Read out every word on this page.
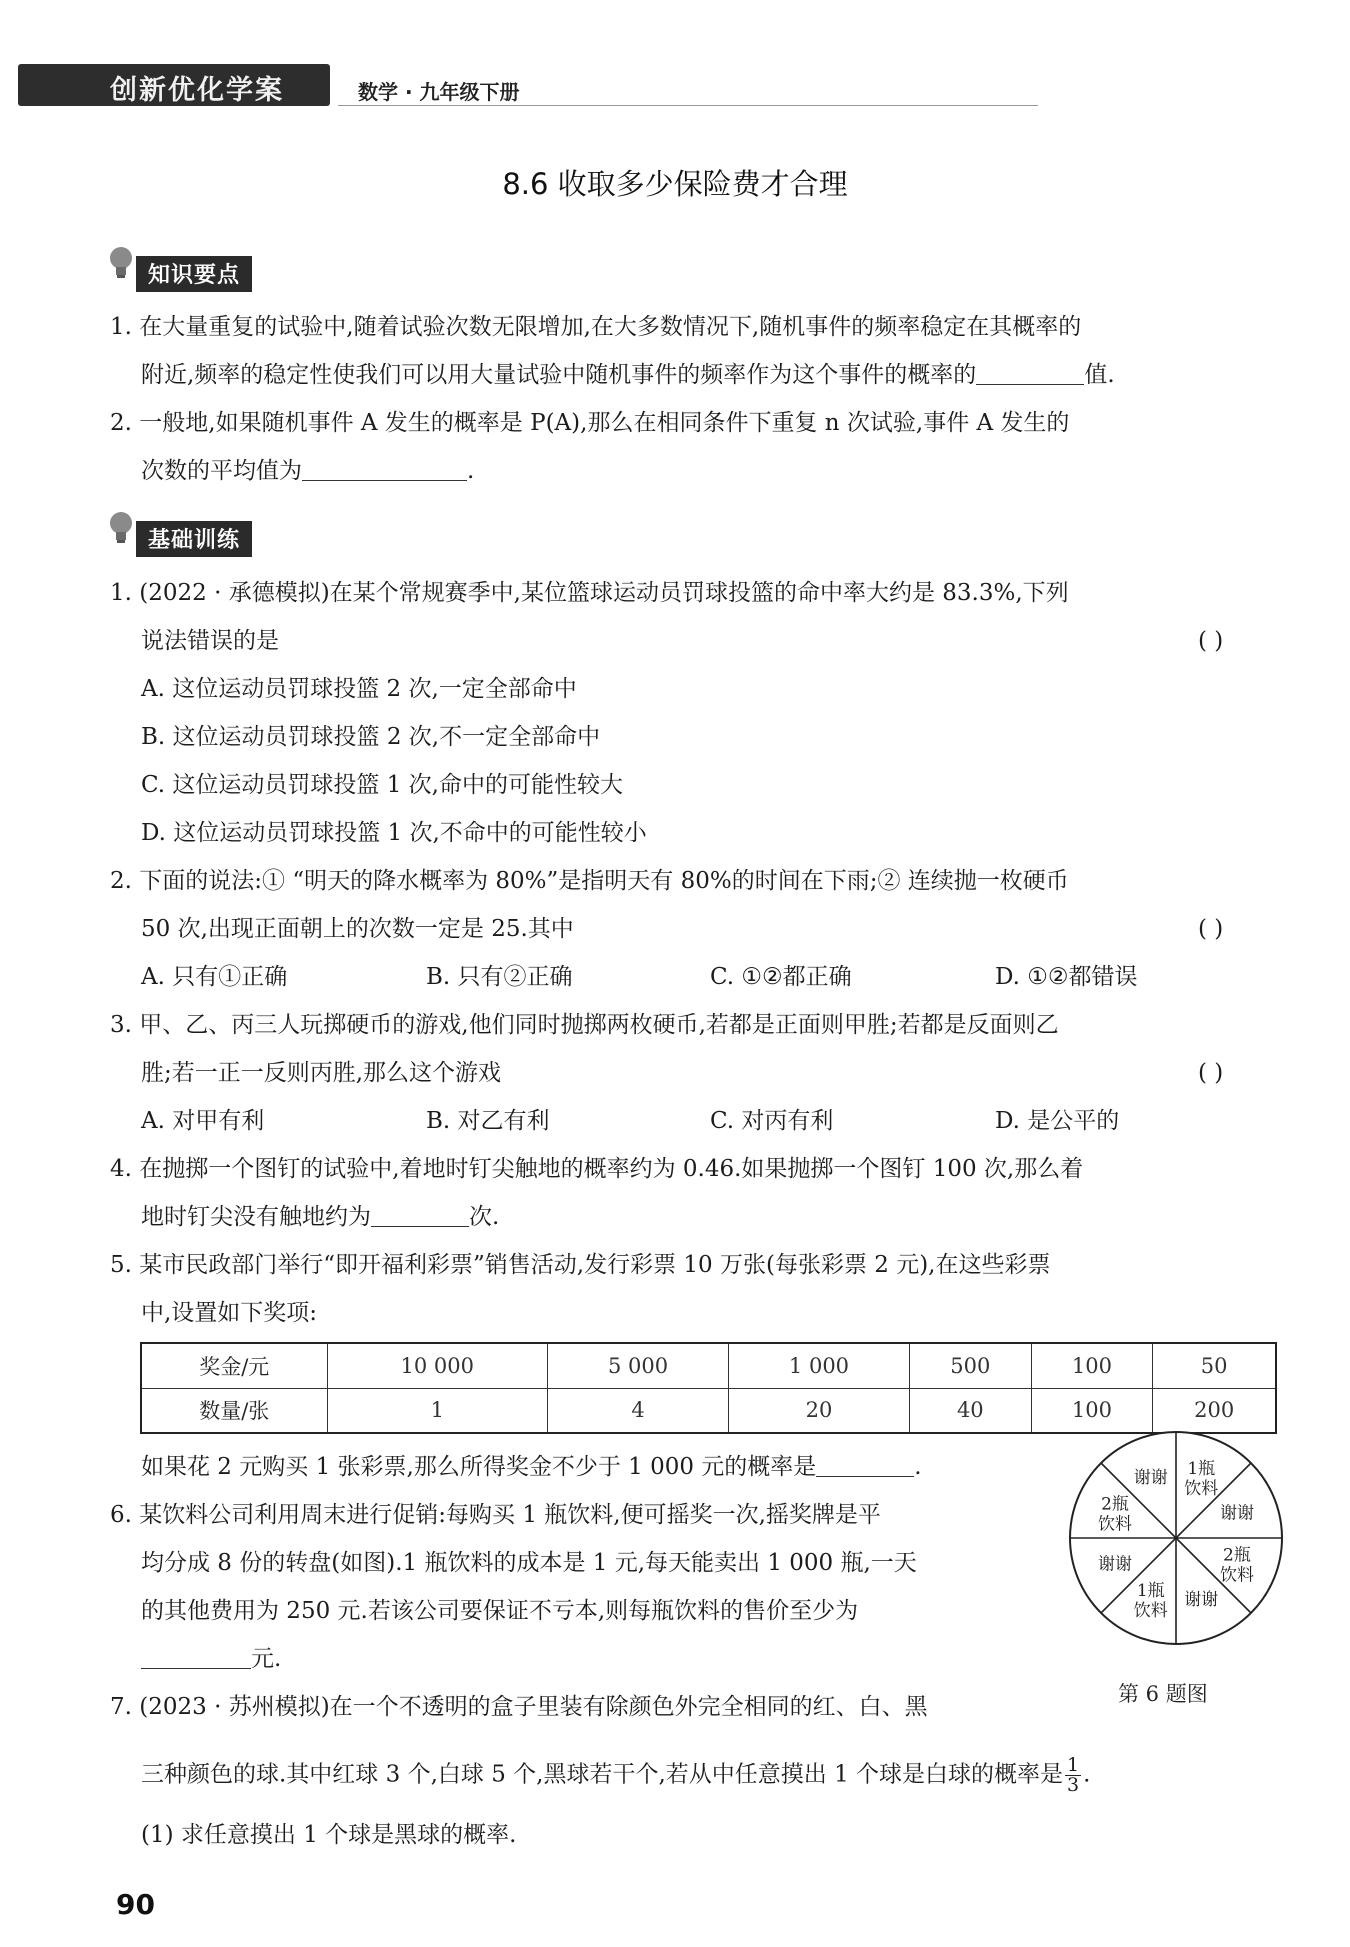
创新优化学案	数学 · 九年级下册
8.6 收取多少保险费才合理
知识要点
1. 在大量重复的试验中,随着试验次数无限增加,在大多数情况下,随机事件的频率稳定在其概率的
附近,频率的稳定性使我们可以用大量试验中随机事件的频率作为这个事件的概率的	值.
2. 一般地,如果随机事件 A 发生的概率是 P(A),那么在相同条件下重复 n 次试验,事件 A 发生的
次数的平均值为	.
基础训练
1. (2022 · 承德模拟)在某个常规赛季中,某位篮球运动员罚球投篮的命中率大约是 83.3%,下列
说法错误的是	( )
A. 这位运动员罚球投篮 2 次,一定全部命中
B. 这位运动员罚球投篮 2 次,不一定全部命中
C. 这位运动员罚球投篮 1 次,命中的可能性较大
D. 这位运动员罚球投篮 1 次,不命中的可能性较小
2. 下面的说法:① “明天的降水概率为 80%”是指明天有 80%的时间在下雨;② 连续抛一枚硬币
50 次,出现正面朝上的次数一定是 25.其中	( )
A. 只有①正确	B. 只有②正确	C. ①②都正确	D. ①②都错误
3. 甲、乙、丙三人玩掷硬币的游戏,他们同时抛掷两枚硬币,若都是正面则甲胜;若都是反面则乙
胜;若一正一反则丙胜,那么这个游戏	( )
A. 对甲有利	B. 对乙有利	C. 对丙有利	D. 是公平的
4. 在抛掷一个图钉的试验中,着地时钉尖触地的概率约为 0.46.如果抛掷一个图钉 100 次,那么着
地时钉尖没有触地约为	次.
5. 某市民政部门举行“即开福利彩票”销售活动,发行彩票 10 万张(每张彩票 2 元),在这些彩票
中,设置如下奖项:
奖金/元	10 000	5 000	1 000	500	100	50
数量/张	1	4	20	40	100	200
如果花 2 元购买 1 张彩票,那么所得奖金不少于 1 000 元的概率是	.
6. 某饮料公司利用周末进行促销:每购买 1 瓶饮料,便可摇奖一次,摇奖牌是平
均分成 8 份的转盘(如图).1 瓶饮料的成本是 1 元,每天能卖出 1 000 瓶,一天
的其他费用为 250 元.若该公司要保证不亏本,则每瓶饮料的售价至少为
元.
谢谢 1瓶饮料
谢谢
2瓶饮料
谢谢
1瓶饮料
谢谢
2瓶饮料
第 6 题图
7. (2023 · 苏州模拟)在一个不透明的盒子里装有除颜色外完全相同的红、白、黑
三种颜色的球.其中红球 3 个,白球 5 个,黑球若干个,若从中任意摸出 1 个球是白球的概率是 $\frac{1}{3}$ .
(1) 求任意摸出 1 个球是黑球的概率.
90
